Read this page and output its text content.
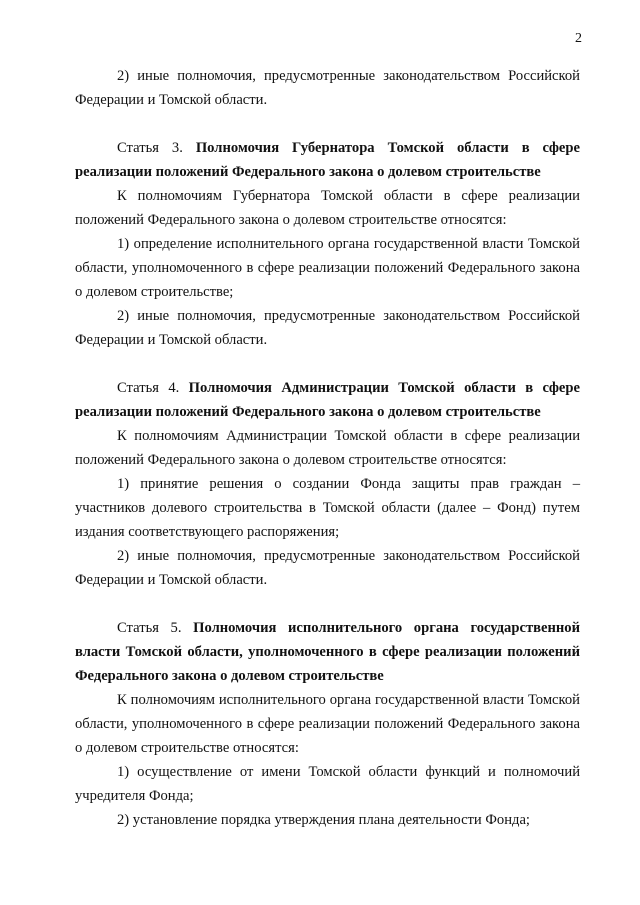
2

2) иные полномочия, предусмотренные законодательством Российской Федерации и Томской области.

Статья 3. Полномочия Губернатора Томской области в сфере реализации положений Федерального закона о долевом строительстве

К полномочиям Губернатора Томской области в сфере реализации положений Федерального закона о долевом строительстве относятся:

1) определение исполнительного органа государственной власти Томской области, уполномоченного в сфере реализации положений Федерального закона о долевом строительстве;

2) иные полномочия, предусмотренные законодательством Российской Федерации и Томской области.

Статья 4. Полномочия Администрации Томской области в сфере реализации положений Федерального закона о долевом строительстве

К полномочиям Администрации Томской области в сфере реализации положений Федерального закона о долевом строительстве относятся:

1) принятие решения о создании Фонда защиты прав граждан – участников долевого строительства в Томской области (далее – Фонд) путем издания соответствующего распоряжения;

2) иные полномочия, предусмотренные законодательством Российской Федерации и Томской области.

Статья 5. Полномочия исполнительного органа государственной власти Томской области, уполномоченного в сфере реализации положений Федерального закона о долевом строительстве

К полномочиям исполнительного органа государственной власти Томской области, уполномоченного в сфере реализации положений Федерального закона о долевом строительстве относятся:

1) осуществление от имени Томской области функций и полномочий учредителя Фонда;

2) установление порядка утверждения плана деятельности Фонда;
